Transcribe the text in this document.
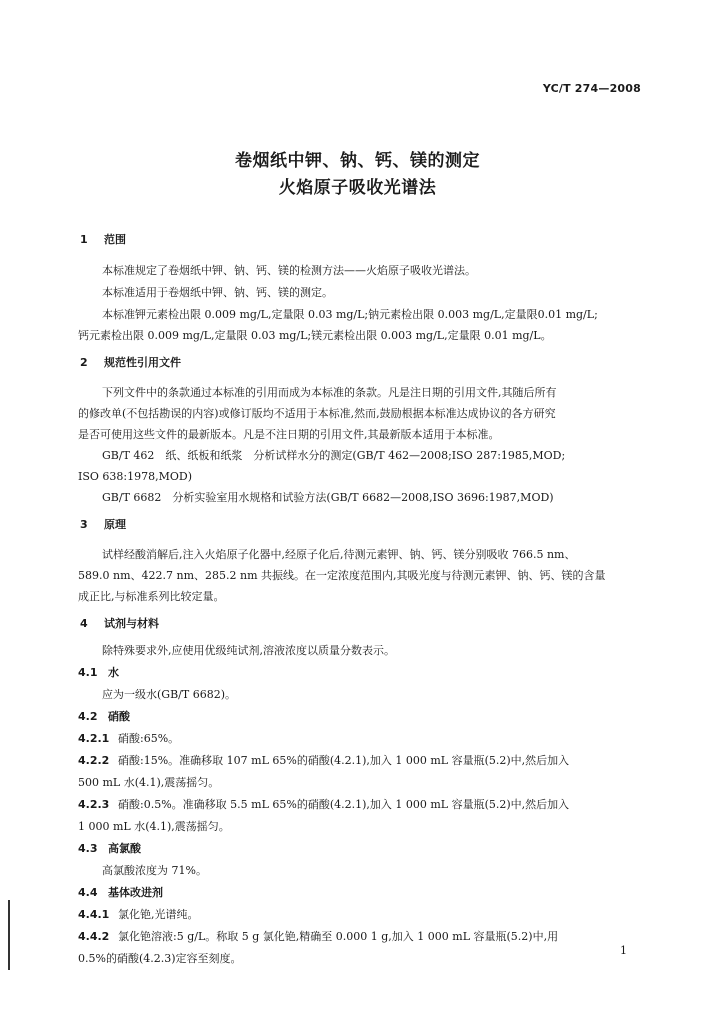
YC/T 274—2008
卷烟纸中钾、钠、钙、镁的测定
火焰原子吸收光谱法
1 范围
本标准规定了卷烟纸中钾、钠、钙、镁的检测方法——火焰原子吸收光谱法。
本标准适用于卷烟纸中钾、钠、钙、镁的测定。
本标准钾元素检出限 0.009 mg/L,定量限 0.03 mg/L;钠元素检出限 0.003 mg/L,定量限0.01 mg/L;
钙元素检出限 0.009 mg/L,定量限 0.03 mg/L;镁元素检出限 0.003 mg/L,定量限 0.01 mg/L。
2 规范性引用文件
下列文件中的条款通过本标准的引用而成为本标准的条款。凡是注日期的引用文件,其随后所有
的修改单(不包括勘误的内容)或修订版均不适用于本标准,然而,鼓励根据本标准达成协议的各方研究
是否可使用这些文件的最新版本。凡是不注日期的引用文件,其最新版本适用于本标准。
GB/T 462　纸、纸板和纸浆　分析试样水分的测定(GB/T 462—2008;ISO 287:1985,MOD;
ISO 638:1978,MOD)
GB/T 6682　分析实验室用水规格和试验方法(GB/T 6682—2008,ISO 3696:1987,MOD)
3 原理
试样经酸消解后,注入火焰原子化器中,经原子化后,待测元素钾、钠、钙、镁分别吸收 766.5 nm、
589.0 nm、422.7 nm、285.2 nm 共振线。在一定浓度范围内,其吸光度与待测元素钾、钠、钙、镁的含量
成正比,与标准系列比较定量。
4 试剂与材料
除特殊要求外,应使用优级纯试剂,溶液浓度以质量分数表示。
4.1 水
应为一级水(GB/T 6682)。
4.2 硝酸
4.2.1 硝酸:65%。
4.2.2 硝酸:15%。准确移取 107 mL 65%的硝酸(4.2.1),加入 1 000 mL 容量瓶(5.2)中,然后加入
500 mL 水(4.1),震荡摇匀。
4.2.3 硝酸:0.5%。准确移取 5.5 mL 65%的硝酸(4.2.1),加入 1 000 mL 容量瓶(5.2)中,然后加入
1 000 mL 水(4.1),震荡摇匀。
4.3 高氯酸
高氯酸浓度为 71%。
4.4 基体改进剂
4.4.1 氯化铯,光谱纯。
4.4.2 氯化铯溶液:5 g/L。称取 5 g 氯化铯,精确至 0.000 1 g,加入 1 000 mL 容量瓶(5.2)中,用
0.5%的硝酸(4.2.3)定容至刻度。
1
